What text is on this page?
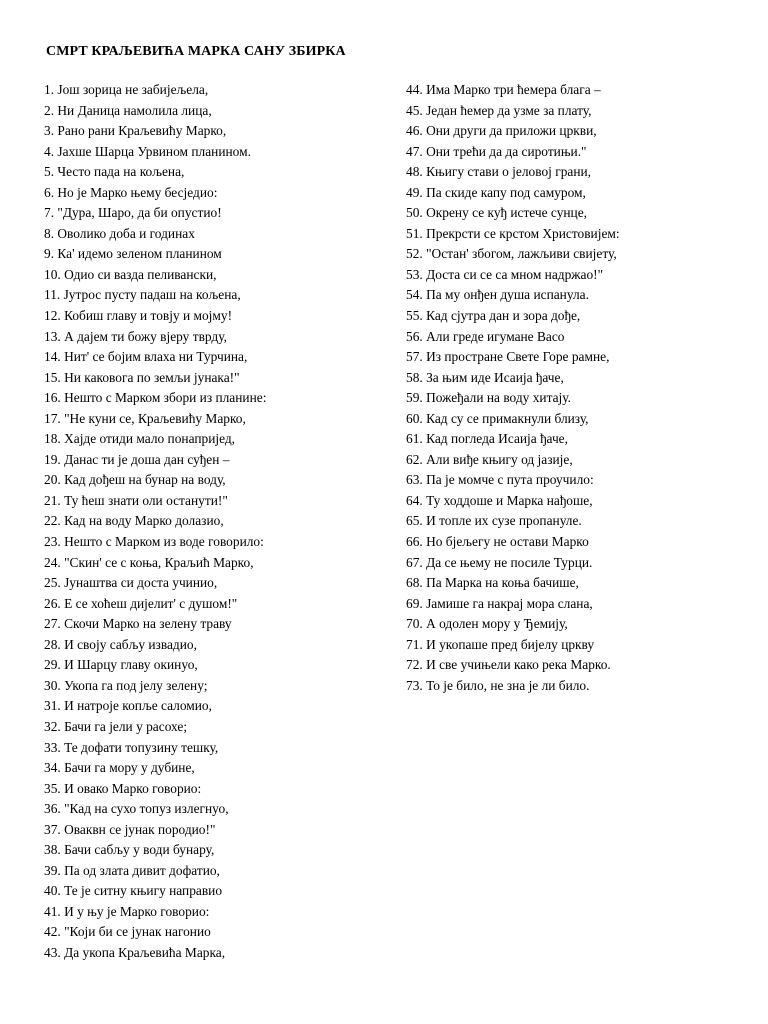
СМРТ КРАЉЕВИЋА МАРКА САНУ ЗБИРКА
1. Још зорица не забијељела,
2. Ни Даница намолила лица,
3. Рано рани Краљевићу Марко,
4. Јахше Шарца Урвином планином.
5. Често пада на кољена,
6. Но је Марко њему бесједио:
7. "Дура, Шаро, да би опустио!
8. Оволико доба и годинах
9. Ка' идемо зеленом планином
10. Одио си вазда пеливански,
11. Јутрос пусту падаш на кољена,
12. Кобиш главу и товју и мојму!
13. А дајем ти божу вјеру тврду,
14. Нит' се бојим влаха ни Турчина,
15. Ни каковога по земљи јунака!"
16. Нешто с Марком збори из планине:
17. "Не куни се, Краљевићу Марко,
18. Хајде отиди мало понапријед,
19. Данас ти је доша дан суђен –
20. Кад дођеш на бунар на воду,
21. Ту ћеш знати оли останути!"
22. Кад на воду Марко долазио,
23. Нешто с Марком из воде говорило:
24. "Скин' се с коња, Краљић Марко,
25. Јунаштва си доста учинио,
26. Е се хоћеш дијелит' с душом!"
27. Скочи Марко на зелену траву
28. И својy сабљу извадио,
29. И Шарцу главу окинуо,
30. Укопа га под јелу зелену;
31. И натроје копље саломио,
32. Бачи га јели у расохе;
33. Те дофати топузину тешку,
34. Бачи га мору у дубине,
35. И овако Марко говорио:
36. "Кад на сухо топуз излегнуо,
37. Оваквн се јунак породио!"
38. Бачи сабљу у води бунару,
39. Па од злата дивит дофатио,
40. Те је ситну књигу направио
41. И у њу је Марко говорио:
42. "Који би се јунак нагонио
43. Да укопа Краљевића Марка,
44. Има Марко три ћемера блага –
45. Један ћемер да узме за плату,
46. Они други да приложи цркви,
47. Они трећи да да сиротињи."
48. Књигу стави о јеловој грани,
49. Па скиде капу под самуром,
50. Окрену се куђ истече сунце,
51. Прекрсти се крстом Христовијем:
52. "Остан' збогом, лажљиви свијету,
53. Доста си се са мном надржао!"
54. Па му онђен душа испанула.
55. Кад сјутра дан и зора дође,
56. Али греде игумане Васо
57. Из простране Свете Горе рамне,
58. За њим иде Исаија ђаче,
59. Пожеђали на воду хитају.
60. Кад су се примакнули близу,
61. Кад погледа Исаија ђаче,
62. Али виђе књигу од јазије,
63. Па је момче с пута проучило:
64. Ту ходдоше и Марка нађоше,
65. И топле их сузе пропануле.
66. Но бјељегу не остави Марко
67. Да се њему не посиле Турци.
68. Па Марка на коња бачише,
69. Јамише га накрај мора слана,
70. А одолен мору у Ђемију,
71. И укопаше пред бијелу цркву
72. И све учињели како река Марко.
73. То је било, не зна је ли било.
